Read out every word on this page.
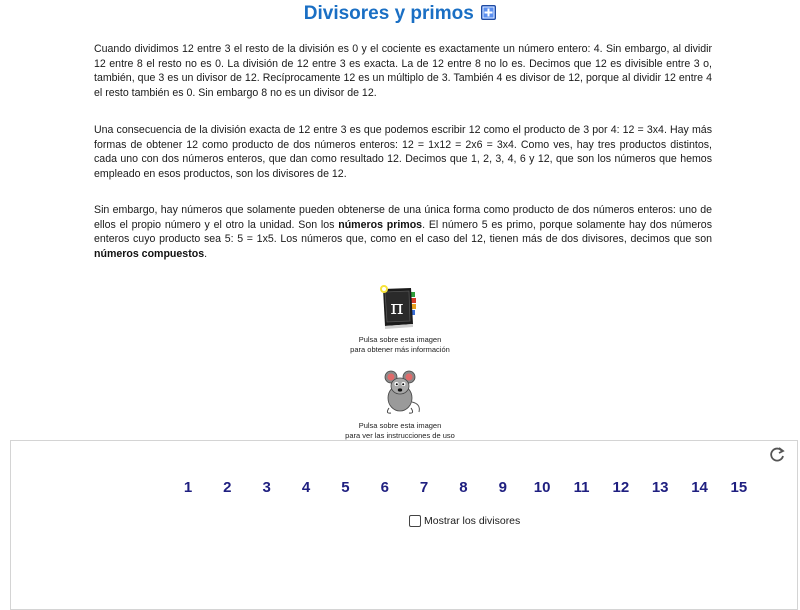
Divisores y primos

Cuando dividimos 12 entre 3 el resto de la división es 0 y el cociente es exactamente un número entero: 4. Sin embargo, al dividir 12 entre 8 el resto no es 0. La división de 12 entre 3 es exacta. La de 12 entre 8 no lo es. Decimos que 12 es divisible entre 3 o, también, que 3 es un divisor de 12. Recíprocamente 12 es un múltiplo de 3. También 4 es divisor de 12, porque al dividir 12 entre 4 el resto también es 0. Sin embargo 8 no es un divisor de 12.

Una consecuencia de la división exacta de 12 entre 3 es que podemos escribir 12 como el producto de 3 por 4: 12 = 3x4. Hay más formas de obtener 12 como producto de dos números enteros: 12 = 1x12 = 2x6 = 3x4. Como ves, hay tres productos distintos, cada uno con dos números enteros, que dan como resultado 12. Decimos que 1, 2, 3, 4, 6 y 12, que son los números que hemos empleado en esos productos, son los divisores de 12.

Sin embargo, hay números que solamente pueden obtenerse de una única forma como producto de dos números enteros: uno de ellos el propio número y el otro la unidad. Son los números primos. El número 5 es primo, porque solamente hay dos números enteros cuyo producto sea 5: 5 = 1x5. Los números que, como en el caso del 12, tienen más de dos divisores, decimos que son números compuestos.

π
Pulsa sobre esta imagen
para obtener más información
Pulsa sobre esta imagen
para ver las instrucciones de uso
1	2	3	4	5	6	7	8	9	10	11	12	13	14	15
Mostrar los divisores
